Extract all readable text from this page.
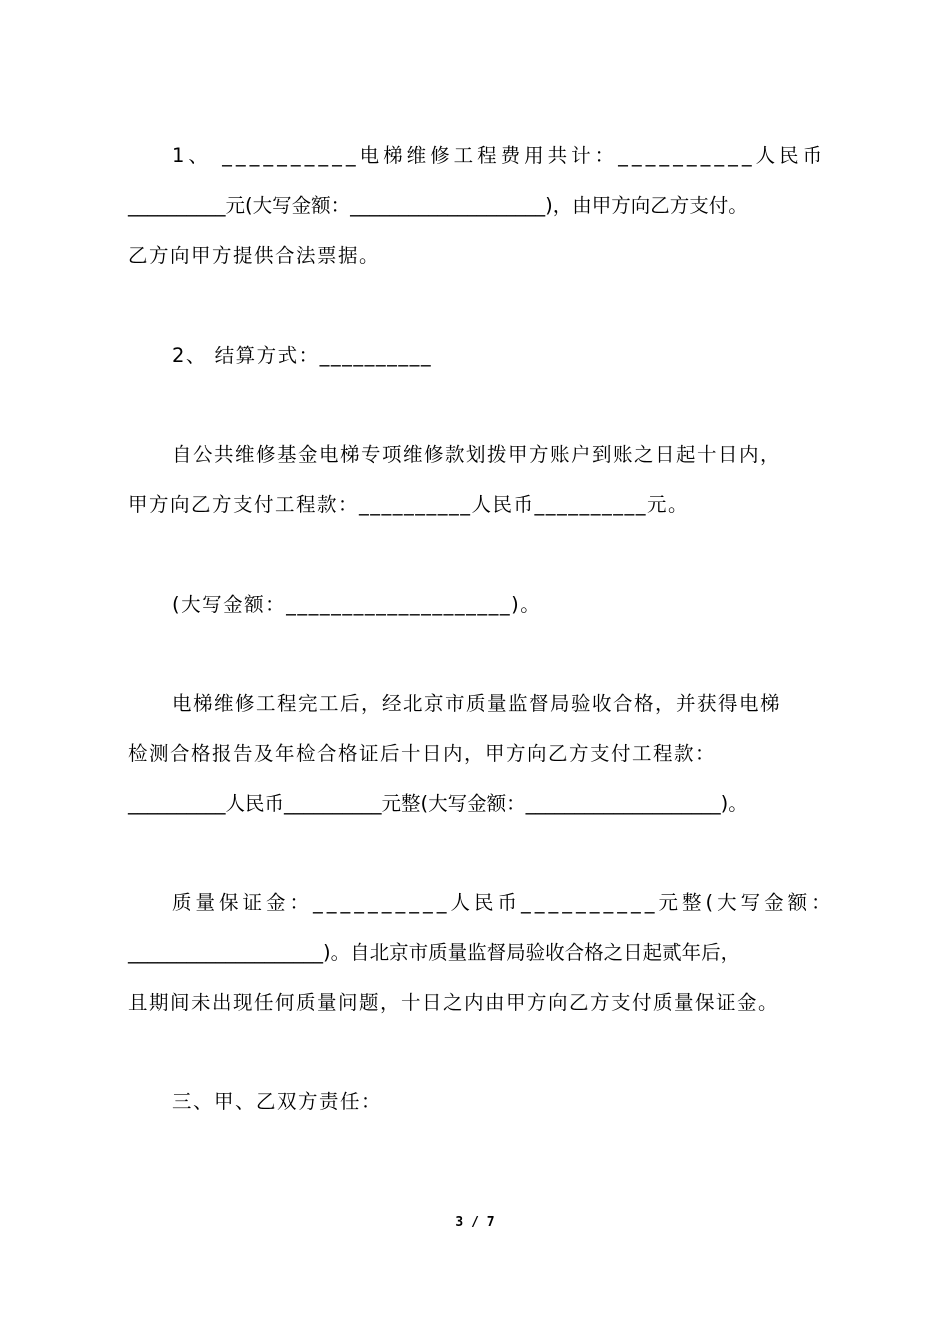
1、 __________电梯维修工程费用共计：__________人民币
__________元(大写金额：____________________)，由甲方向乙方支付。
乙方向甲方提供合法票据。
2、 结算方式：__________
自公共维修基金电梯专项维修款划拨甲方账户到账之日起十日内，
甲方向乙方支付工程款：__________人民币__________元。
(大写金额：____________________)。
电梯维修工程完工后，经北京市质量监督局验收合格，并获得电梯
检测合格报告及年检合格证后十日内，甲方向乙方支付工程款：
__________人民币__________元整(大写金额：____________________)。
质量保证金：__________人民币__________元整(大写金额：
____________________)。自北京市质量监督局验收合格之日起贰年后，
且期间未出现任何质量问题，十日之内由甲方向乙方支付质量保证金。
三、甲、乙双方责任：
3 / 7
